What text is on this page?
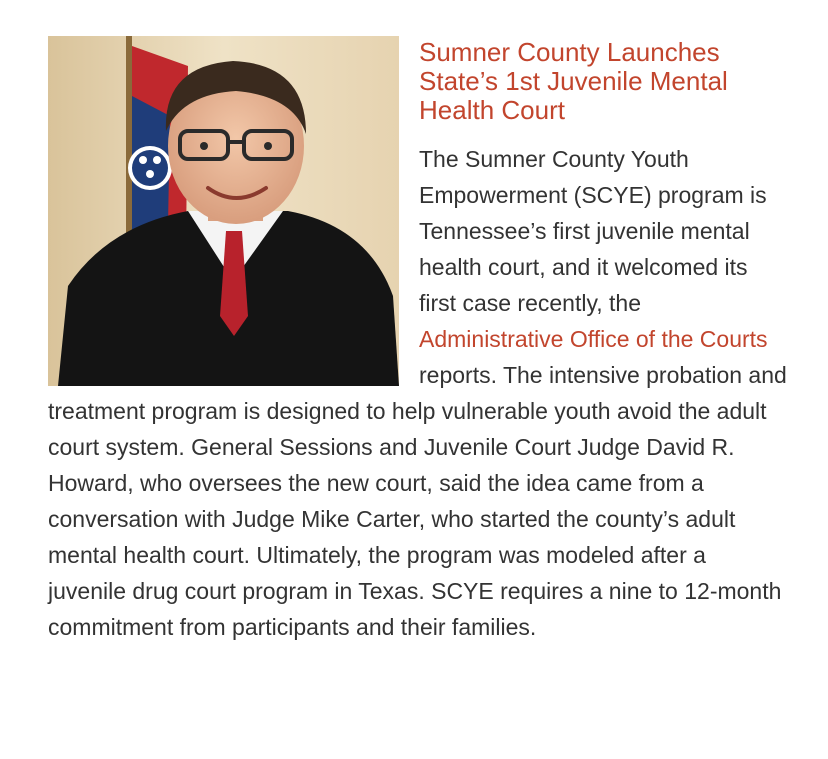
Sumner County Launches State’s 1st Juvenile Mental Health Court

The Sumner County Youth Empowerment (SCYE) program is Tennessee’s first juvenile mental health court, and it welcomed its first case recently, the Administrative Office of the Courts reports. The intensive probation and treatment program is designed to help vulnerable youth avoid the adult court system. General Sessions and Juvenile Court Judge David R. Howard, who oversees the new court, said the idea came from a conversation with Judge Mike Carter, who started the county’s adult mental health court. Ultimately, the program was modeled after a juvenile drug court program in Texas. SCYE requires a nine to 12-month commitment from participants and their families.
